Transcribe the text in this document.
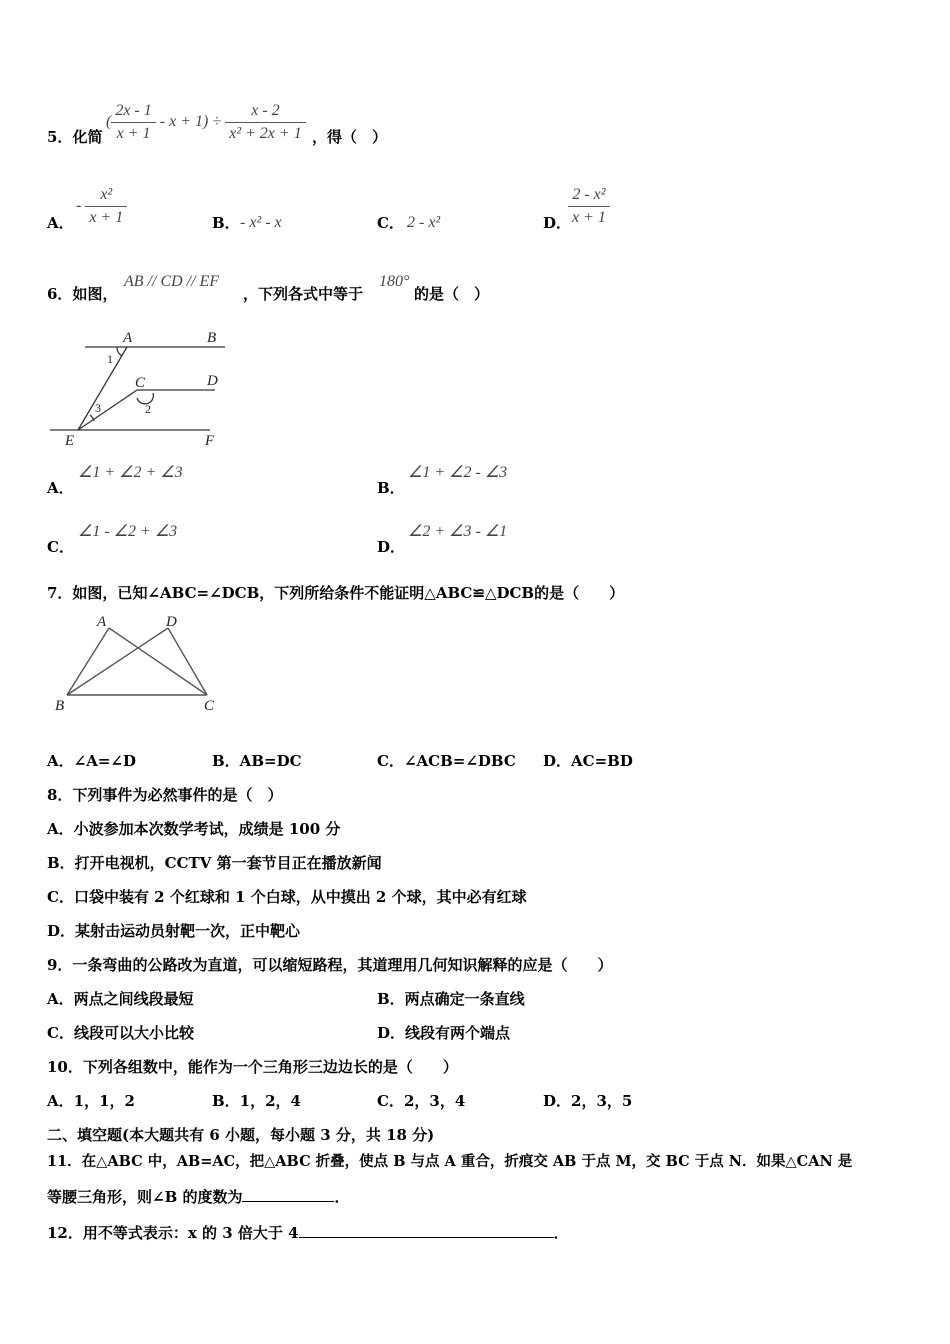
5．化简
( $\frac{2x - 1}{x + 1} - x + 1) \div \frac{x - 2}{\text{x² + 2x + 1}}$ ，得（　）
A．
- $\frac{\text{x²}}{x + 1}$	B． - x² - x	C． 2 - x²	D．
$\frac{\text{2 - x²}}{x + 1}$
6．如图，
AB // CD // EF
，下列各式中等于
180°
的是（　）
A	B
C	D
E	F
1
2
3
A．
∠1 + ∠2 + ∠3
B．
∠1 + ∠2 - ∠3
C．
∠1 - ∠2 + ∠3
D．
∠2 + ∠3 - ∠1
7．如图，已知∠ABC=∠DCB，下列所给条件不能证明△ABC≌△DCB的是（　　）
A	D
B	C
A．∠A=∠D	B．AB=DC	C．∠ACB=∠DBC D．AC=BD
8．下列事件为必然事件的是（　）
A．小波参加本次数学考试，成绩是 100 分
B．打开电视机，CCTV 第一套节目正在播放新闻
C．口袋中装有 2 个红球和 1 个白球，从中摸出 2 个球，其中必有红球
D．某射击运动员射靶一次，正中靶心
9．一条弯曲的公路改为直道，可以缩短路程，其道理用几何知识解释的应是（　　）
A．两点之间线段最短	B．两点确定一条直线
C．线段可以大小比较	D．线段有两个端点
10．下列各组数中，能作为一个三角形三边边长的是（　　）
A．1，1，2	B．1，2，4	C．2，3，4	D．2，3，5
二、填空题(本大题共有 6 小题，每小题 3 分，共 18 分)
11．在△ABC 中，AB=AC，把△ABC 折叠，使点 B 与点 A 重合，折痕交 AB 于点 M，交 BC 于点 N．如果△CAN 是
等腰三角形，则∠B 的度数为	．
12．用不等式表示：x 的 3 倍大于 4	．
